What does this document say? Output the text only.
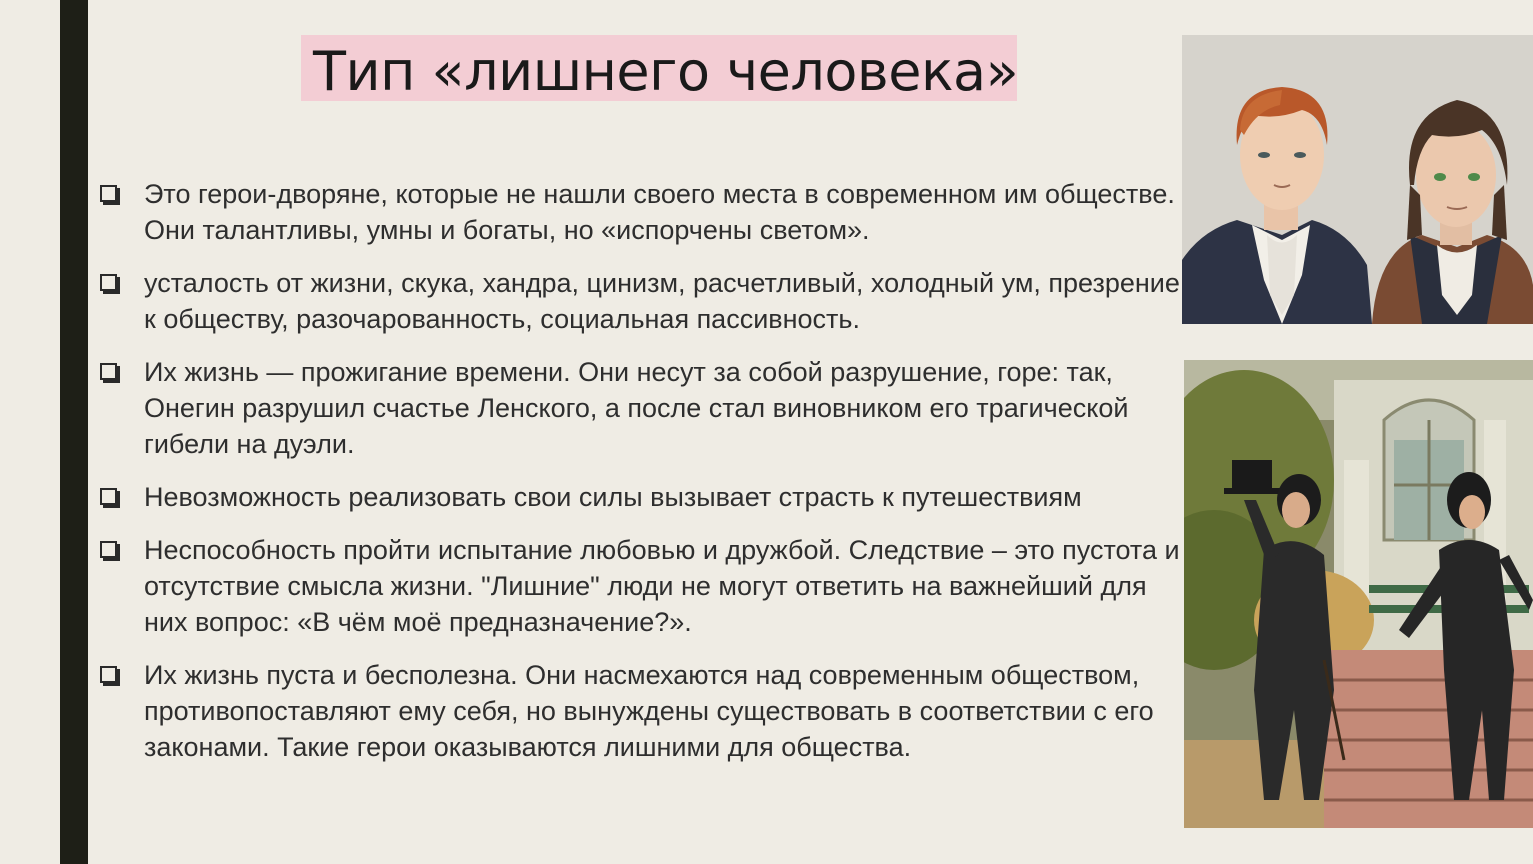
Тип «лишнего человека»
Это герои-дворяне, которые не нашли своего места в современном им обществе. Они талантливы, умны и богаты, но «испорчены светом».
усталость от жизни, скука, хандра, цинизм, расчетливый, холодный ум, презрение к обществу, разочарованность, социальная пассивность.
Их жизнь — прожигание времени. Они несут за собой разрушение, горе: так, Онегин разрушил счастье Ленского, а после стал виновником его трагической гибели на дуэли.
Невозможность реализовать свои силы вызывает страсть к путешествиям
Неспособность пройти испытание любовью и дружбой. Следствие – это пустота и отсутствие смысла жизни. "Лишние" люди не могут ответить на важнейший для них вопрос: «В чём моё предназначение?».
Их жизнь пуста и бесполезна. Они насмехаются над современным обществом, противопоставляют ему себя, но вынуждены существовать в соответствии с его законами. Такие герои оказываются лишними для общества.
